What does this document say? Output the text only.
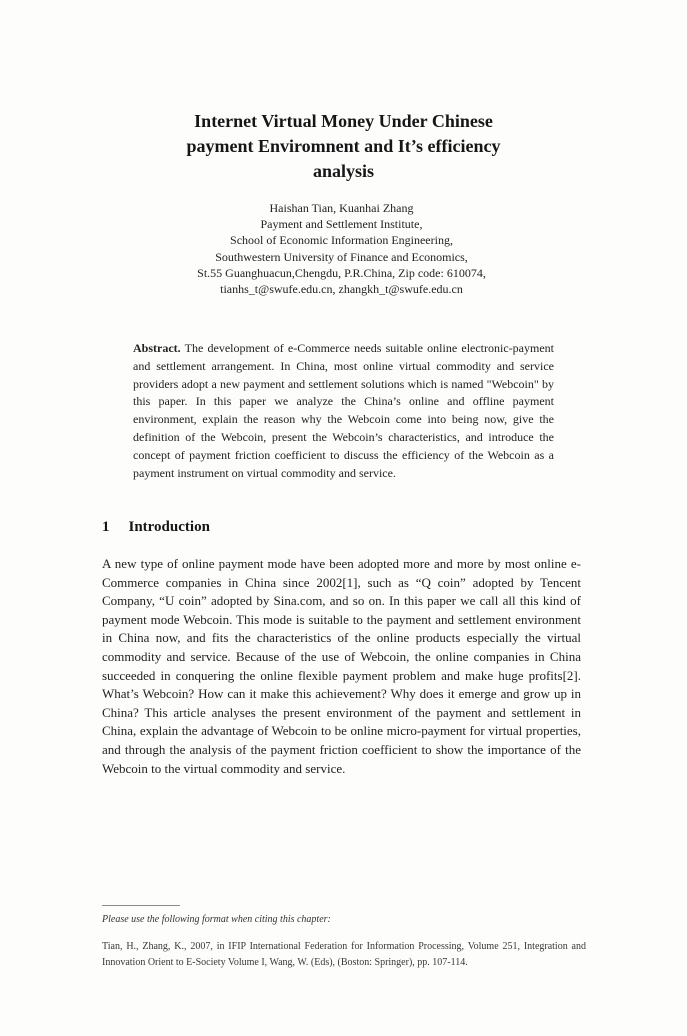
Internet Virtual Money Under Chinese
payment Enviromnent and It’s efficiency
analysis
Haishan Tian, Kuanhai Zhang
Payment and Settlement Institute,
School of Economic Information Engineering,
Southwestern University of Finance and Economics,
St.55 Guanghuacun,Chengdu, P.R.China, Zip code: 610074,
tianhs_t@swufe.edu.cn, zhangkh_t@swufe.edu.cn
Abstract. The development of e-Commerce needs suitable online electronic-payment and settlement arrangement. In China, most online virtual commodity and service providers adopt a new payment and settlement solutions which is named "Webcoin" by this paper. In this paper we analyze the China’s online and offline payment environment, explain the reason why the Webcoin come into being now, give the definition of the Webcoin, present the Webcoin’s characteristics, and introduce the concept of payment friction coefficient to discuss the efficiency of the Webcoin as a payment instrument on virtual commodity and service.
1 Introduction
A new type of online payment mode have been adopted more and more by most online e-Commerce companies in China since 2002[1], such as “Q coin” adopted by Tencent Company, “U coin” adopted by Sina.com, and so on. In this paper we call all this kind of payment mode Webcoin. This mode is suitable to the payment and settlement environment in China now, and fits the characteristics of the online products especially the virtual commodity and service. Because of the use of Webcoin, the online companies in China succeeded in conquering the online flexible payment problem and make huge profits[2]. What’s Webcoin? How can it make this achievement? Why does it emerge and grow up in China? This article analyses the present environment of the payment and settlement in China, explain the advantage of Webcoin to be online micro-payment for virtual properties, and through the analysis of the payment friction coefficient to show the importance of the Webcoin to the virtual commodity and service.
Please use the following format when citing this chapter:
Tian, H., Zhang, K., 2007, in IFIP International Federation for Information Processing, Volume 251, Integration and Innovation Orient to E-Society Volume I, Wang, W. (Eds), (Boston: Springer), pp. 107-114.
